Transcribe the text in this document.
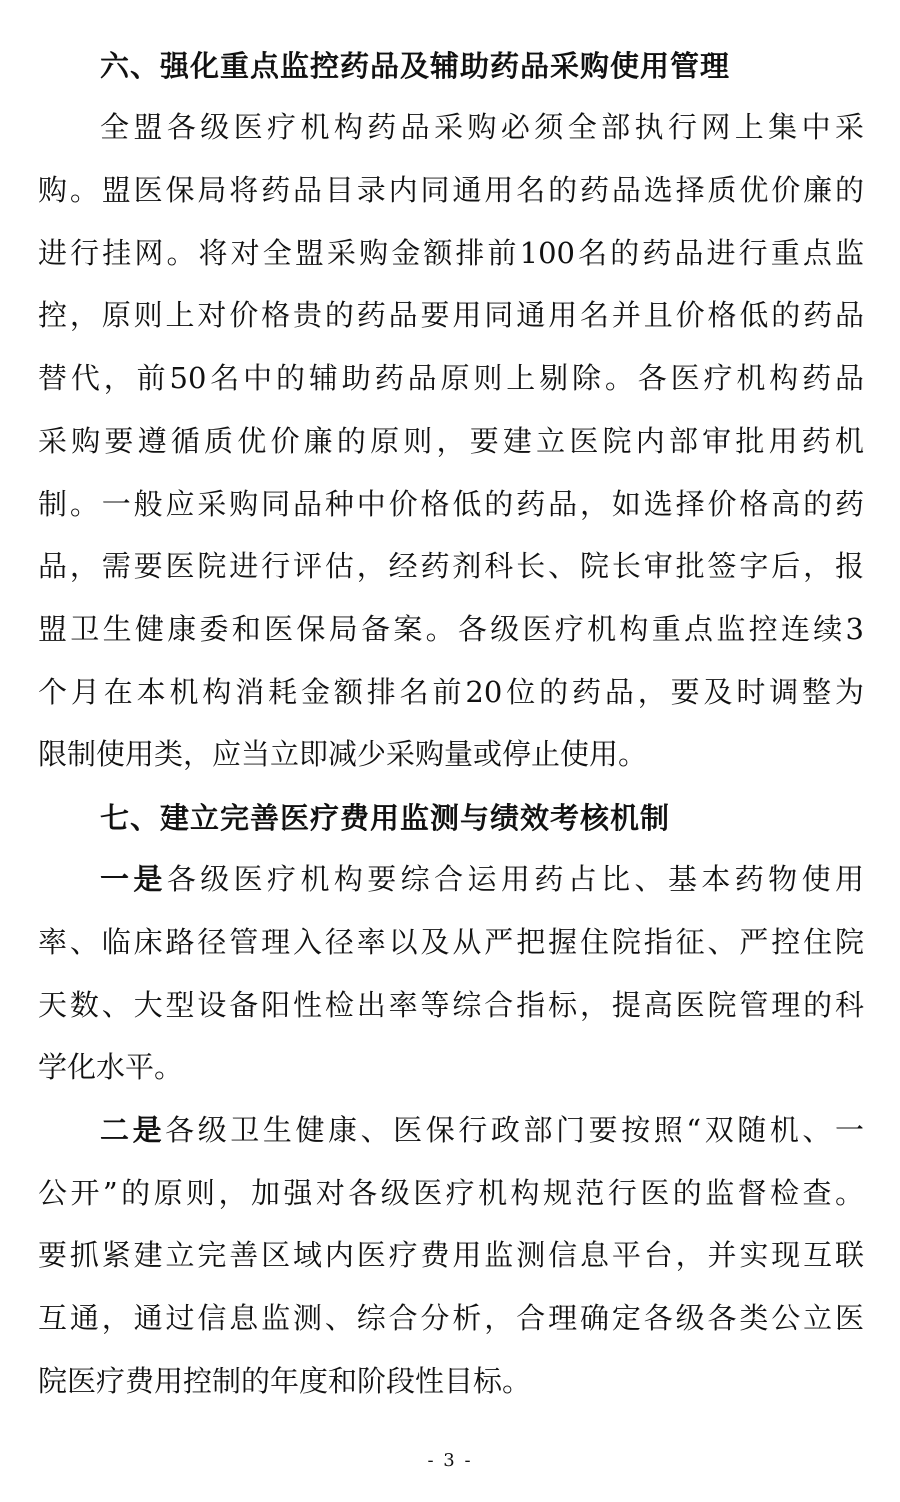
六、强化重点监控药品及辅助药品采购使用管理
全盟各级医疗机构药品采购必须全部执行网上集中采
购。盟医保局将药品目录内同通用名的药品选择质优价廉的
进行挂网。将对全盟采购金额排前100名的药品进行重点监
控，原则上对价格贵的药品要用同通用名并且价格低的药品
替代，前50名中的辅助药品原则上剔除。各医疗机构药品
采购要遵循质优价廉的原则，要建立医院内部审批用药机
制。一般应采购同品种中价格低的药品，如选择价格高的药
品，需要医院进行评估，经药剂科长、院长审批签字后，报
盟卫生健康委和医保局备案。各级医疗机构重点监控连续3
个月在本机构消耗金额排名前20位的药品，要及时调整为
限制使用类，应当立即减少采购量或停止使用。
七、建立完善医疗费用监测与绩效考核机制
一是各级医疗机构要综合运用药占比、基本药物使用
率、临床路径管理入径率以及从严把握住院指征、严控住院
天数、大型设备阳性检出率等综合指标，提高医院管理的科
学化水平。
二是各级卫生健康、医保行政部门要按照“双随机、一
公开”的原则，加强对各级医疗机构规范行医的监督检查。
要抓紧建立完善区域内医疗费用监测信息平台，并实现互联
互通，通过信息监测、综合分析，合理确定各级各类公立医
院医疗费用控制的年度和阶段性目标。
- 3 -
